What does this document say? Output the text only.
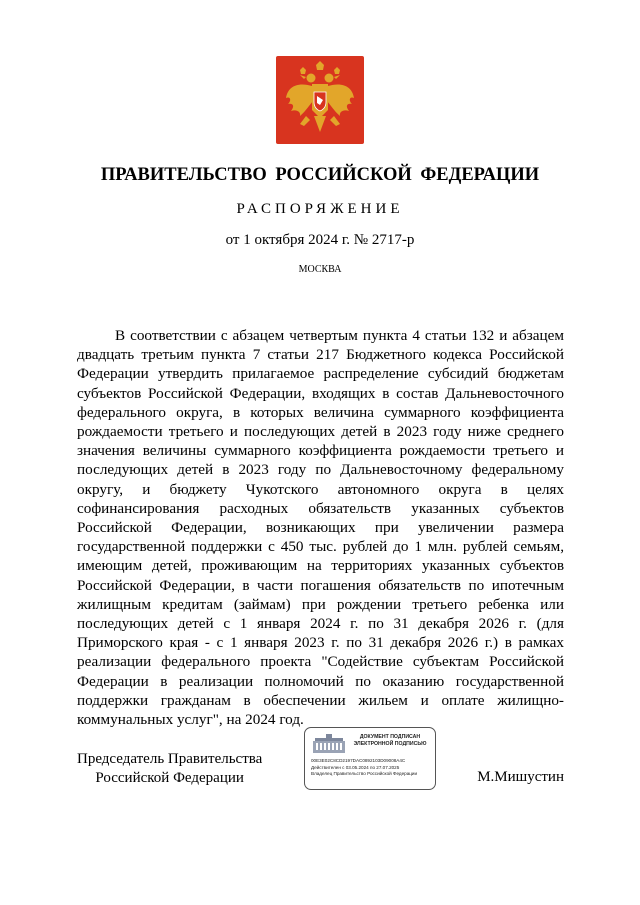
ПРАВИТЕЛЬСТВО РОССИЙСКОЙ ФЕДЕРАЦИИ
РАСПОРЯЖЕНИЕ
от 1 октября 2024 г. № 2717-р
МОСКВА

В соответствии с абзацем четвертым пункта 4 статьи 132 и абзацем двадцать третьим пункта 7 статьи 217 Бюджетного кодекса Российской Федерации утвердить прилагаемое распределение субсидий бюджетам субъектов Российской Федерации, входящих в состав Дальневосточного федерального округа, в которых величина суммарного коэффициента рождаемости третьего и последующих детей в 2023 году ниже среднего значения величины суммарного коэффициента рождаемости третьего и последующих детей в 2023 году по Дальневосточному федеральному округу, и бюджету Чукотского автономного округа в целях софинансирования расходных обязательств указанных субъектов Российской Федерации, возникающих при увеличении размера государственной поддержки с 450 тыс. рублей до 1 млн. рублей семьям, имеющим детей, проживающим на территориях указанных субъектов Российской Федерации, в части погашения обязательств по ипотечным жилищным кредитам (займам) при рождении третьего ребенка или последующих детей с 1 января 2024 г. по 31 декабря 2026 г. (для Приморского края - с 1 января 2023 г. по 31 декабря 2026 г.) в рамках реализации федерального проекта "Содействие субъектам Российской Федерации в реализации полномочий по оказанию государственной поддержки гражданам в обеспечении жильем и оплате жилищно-коммунальных услуг", на 2024 год.

Председатель Правительства
Российской Федерации
ДОКУМЕНТ ПОДПИСАН
ЭЛЕКТРОННОЙ ПОДПИСЬЮ
00E3E02C8CD2197DAC0892103D09008A4C
Действителен с 03.05.2024 по 27.07.2025
Владелец Правительство Российской Федерации	М.Мишустин
